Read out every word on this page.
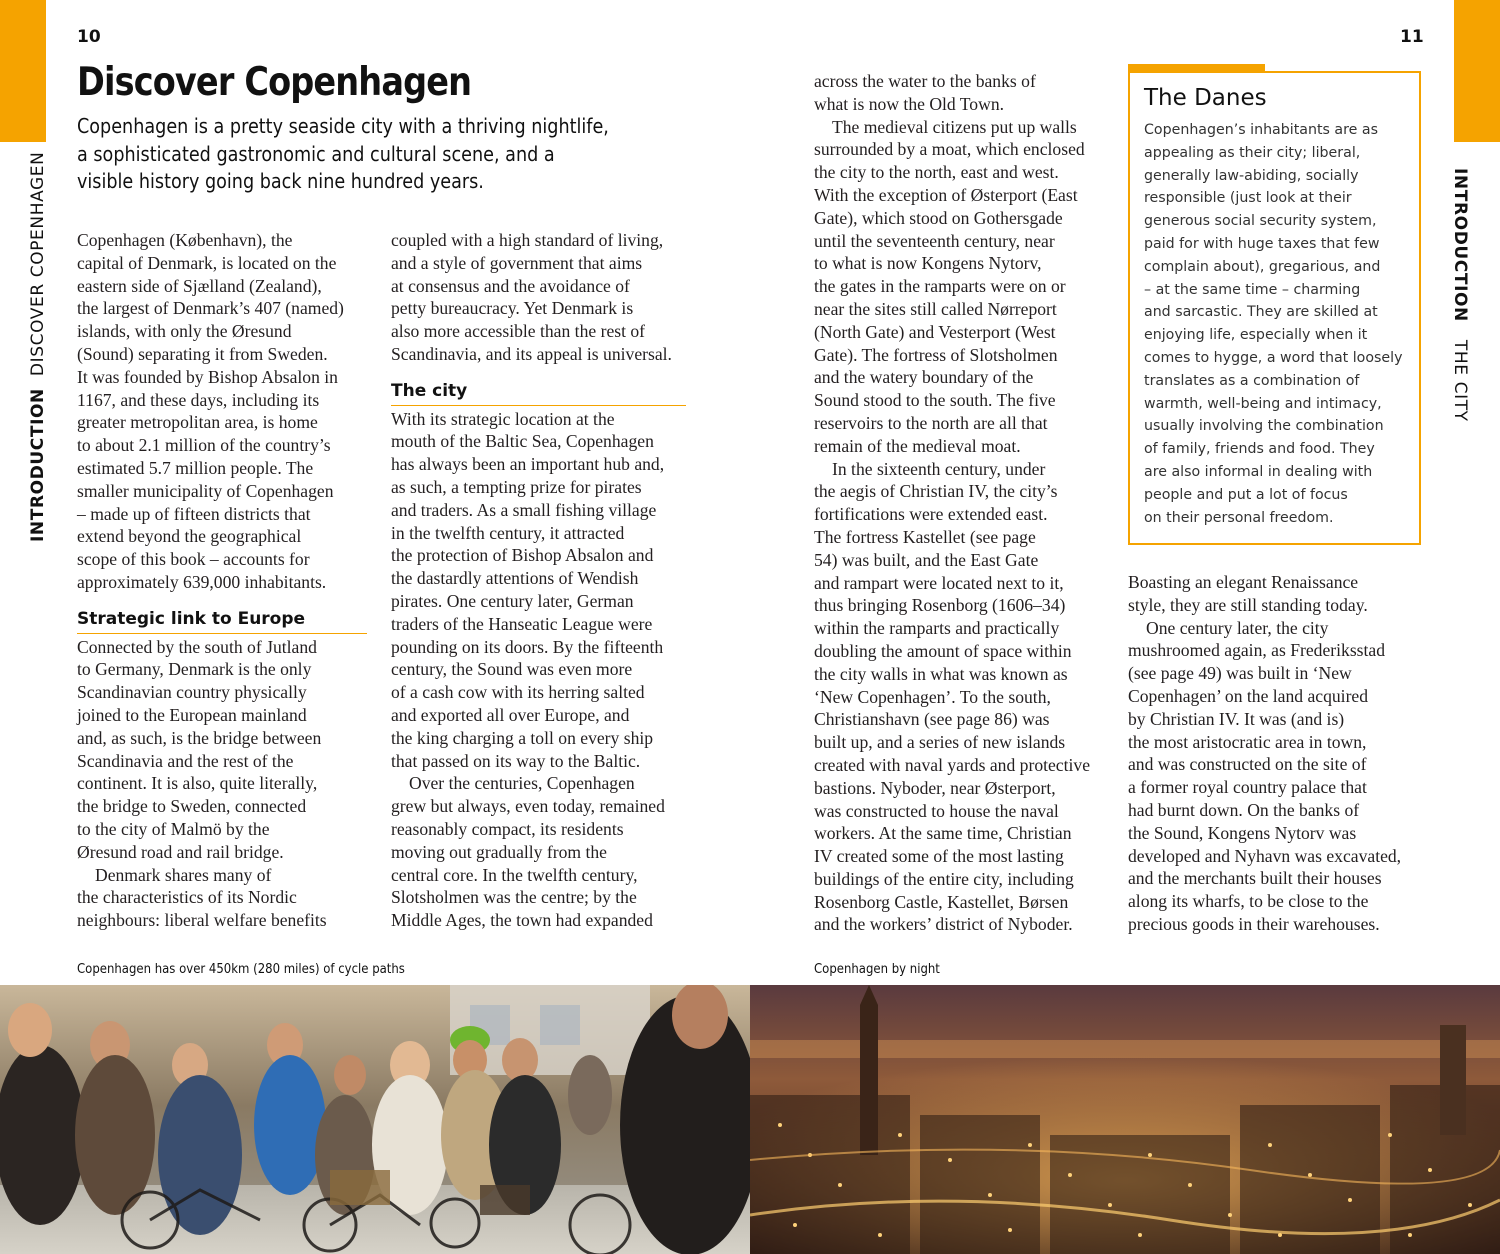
10
INTRODUCTION  DISCOVER COPENHAGEN
Discover Copenhagen
Copenhagen is a pretty seaside city with a thriving nightlife,
a sophisticated gastronomic and cultural scene, and a
visible history going back nine hundred years.
Copenhagen (København), the
capital of Denmark, is located on the
eastern side of Sjælland (Zealand),
the largest of Denmark’s 407 (named)
islands, with only the Øresund
(Sound) separating it from Sweden.
It was founded by Bishop Absalon in
1167, and these days, including its
greater metropolitan area, is home
to about 2.1 million of the country’s
estimated 5.7 million people. The
smaller municipality of Copenhagen
– made up of fifteen districts that
extend beyond the geographical
scope of this book – accounts for
approximately 639,000 inhabitants.
Strategic link to Europe
Connected by the south of Jutland
to Germany, Denmark is the only
Scandinavian country physically
joined to the European mainland
and, as such, is the bridge between
Scandinavia and the rest of the
continent. It is also, quite literally,
the bridge to Sweden, connected
to the city of Malmö by the
Øresund road and rail bridge.
Denmark shares many of
the characteristics of its Nordic
neighbours: liberal welfare benefits
coupled with a high standard of living,
and a style of government that aims
at consensus and the avoidance of
petty bureaucracy. Yet Denmark is
also more accessible than the rest of
Scandinavia, and its appeal is universal.
The city
With its strategic location at the
mouth of the Baltic Sea, Copenhagen
has always been an important hub and,
as such, a tempting prize for pirates
and traders. As a small fishing village
in the twelfth century, it attracted
the protection of Bishop Absalon and
the dastardly attentions of Wendish
pirates. One century later, German
traders of the Hanseatic League were
pounding on its doors. By the fifteenth
century, the Sound was even more
of a cash cow with its herring salted
and exported all over Europe, and
the king charging a toll on every ship
that passed on its way to the Baltic.
Over the centuries, Copenhagen
grew but always, even today, remained
reasonably compact, its residents
moving out gradually from the
central core. In the twelfth century,
Slotsholmen was the centre; by the
Middle Ages, the town had expanded
Copenhagen has over 450km (280 miles) of cycle paths
11
INTRODUCTION   THE CITY
across the water to the banks of
what is now the Old Town.
The medieval citizens put up walls
surrounded by a moat, which enclosed
the city to the north, east and west.
With the exception of Østerport (East
Gate), which stood on Gothersgade
until the seventeenth century, near
to what is now Kongens Nytorv,
the gates in the ramparts were on or
near the sites still called Nørreport
(North Gate) and Vesterport (West
Gate). The fortress of Slotsholmen
and the watery boundary of the
Sound stood to the south. The five
reservoirs to the north are all that
remain of the medieval moat.
In the sixteenth century, under
the aegis of Christian IV, the city’s
fortifications were extended east.
The fortress Kastellet (see page
54) was built, and the East Gate
and rampart were located next to it,
thus bringing Rosenborg (1606–34)
within the ramparts and practically
doubling the amount of space within
the city walls in what was known as
‘New Copenhagen’. To the south,
Christianshavn (see page 86) was
built up, and a series of new islands
created with naval yards and protective
bastions. Nyboder, near Østerport,
was constructed to house the naval
workers. At the same time, Christian
IV created some of the most lasting
buildings of the entire city, including
Rosenborg Castle, Kastellet, Børsen
and the workers’ district of Nyboder.
The Danes
Copenhagen’s inhabitants are as
appealing as their city; liberal,
generally law-abiding, socially
responsible (just look at their
generous social security system,
paid for with huge taxes that few
complain about), gregarious, and
– at the same time – charming
and sarcastic. They are skilled at
enjoying life, especially when it
comes to hygge, a word that loosely
translates as a combination of
warmth, well-being and intimacy,
usually involving the combination
of family, friends and food. They
are also informal in dealing with
people and put a lot of focus
on their personal freedom.
Boasting an elegant Renaissance
style, they are still standing today.
One century later, the city
mushroomed again, as Frederiksstad
(see page 49) was built in ‘New
Copenhagen’ on the land acquired
by Christian IV. It was (and is)
the most aristocratic area in town,
and was constructed on the site of
a former royal country palace that
had burnt down. On the banks of
the Sound, Kongens Nytorv was
developed and Nyhavn was excavated,
and the merchants built their houses
along its wharfs, to be close to the
precious goods in their warehouses.
Copenhagen by night
